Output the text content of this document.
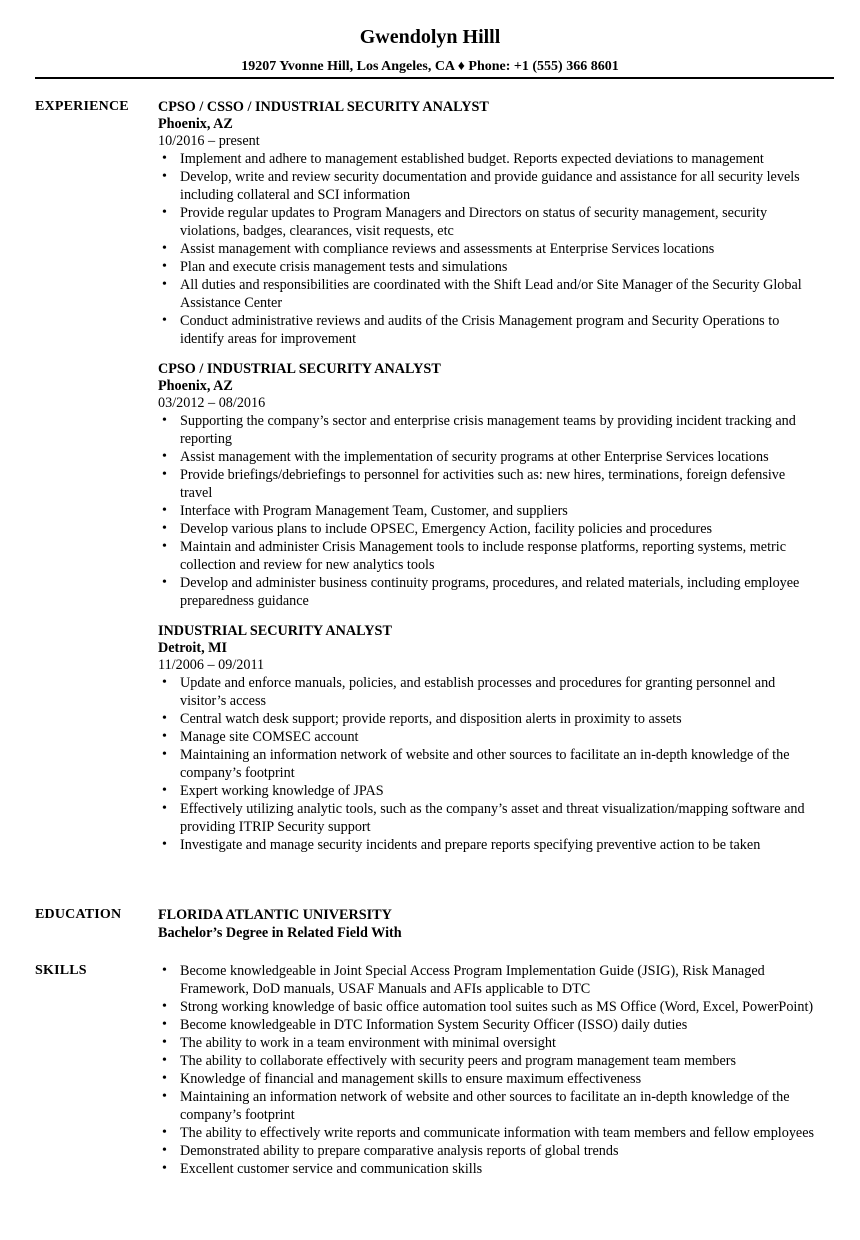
Gwendolyn Hilll
19207 Yvonne Hill, Los Angeles, CA ♦ Phone: +1 (555) 366 8601
EXPERIENCE CPSO / CSSO / INDUSTRIAL SECURITY ANALYST
Phoenix, AZ
10/2016 – present
• Implement and adhere to management established budget. Reports expected deviations to management
• Develop, write and review security documentation and provide guidance and assistance for all security levels including collateral and SCI information
• Provide regular updates to Program Managers and Directors on status of security management, security violations, badges, clearances, visit requests, etc
• Assist management with compliance reviews and assessments at Enterprise Services locations
• Plan and execute crisis management tests and simulations
• All duties and responsibilities are coordinated with the Shift Lead and/or Site Manager of the Security Global Assistance Center
• Conduct administrative reviews and audits of the Crisis Management program and Security Operations to identify areas for improvement
CPSO / INDUSTRIAL SECURITY ANALYST
Phoenix, AZ
03/2012 – 08/2016
• Supporting the company’s sector and enterprise crisis management teams by providing incident tracking and reporting
• Assist management with the implementation of security programs at other Enterprise Services locations
• Provide briefings/debriefings to personnel for activities such as: new hires, terminations, foreign defensive travel
• Interface with Program Management Team, Customer, and suppliers
• Develop various plans to include OPSEC, Emergency Action, facility policies and procedures
• Maintain and administer Crisis Management tools to include response platforms, reporting systems, metric collection and review for new analytics tools
• Develop and administer business continuity programs, procedures, and related materials, including employee preparedness guidance
INDUSTRIAL SECURITY ANALYST
Detroit, MI
11/2006 – 09/2011
• Update and enforce manuals, policies, and establish processes and procedures for granting personnel and visitor’s access
• Central watch desk support; provide reports, and disposition alerts in proximity to assets
• Manage site COMSEC account
• Maintaining an information network of website and other sources to facilitate an in-depth knowledge of the company’s footprint
• Expert working knowledge of JPAS
• Effectively utilizing analytic tools, such as the company’s asset and threat visualization/mapping software and providing ITRIP Security support
• Investigate and manage security incidents and prepare reports specifying preventive action to be taken
EDUCATION	FLORIDA ATLANTIC UNIVERSITY
Bachelor’s Degree in Related Field With
SKILLS	• Become knowledgeable in Joint Special Access Program Implementation Guide (JSIG), Risk Managed Framework, DoD manuals, USAF Manuals and AFIs applicable to DTC
• Strong working knowledge of basic office automation tool suites such as MS Office (Word, Excel, PowerPoint)
• Become knowledgeable in DTC Information System Security Officer (ISSO) daily duties
• The ability to work in a team environment with minimal oversight
• The ability to collaborate effectively with security peers and program management team members
• Knowledge of financial and management skills to ensure maximum effectiveness
• Maintaining an information network of website and other sources to facilitate an in-depth knowledge of the company’s footprint
• The ability to effectively write reports and communicate information with team members and fellow employees
• Demonstrated ability to prepare comparative analysis reports of global trends
• Excellent customer service and communication skills
